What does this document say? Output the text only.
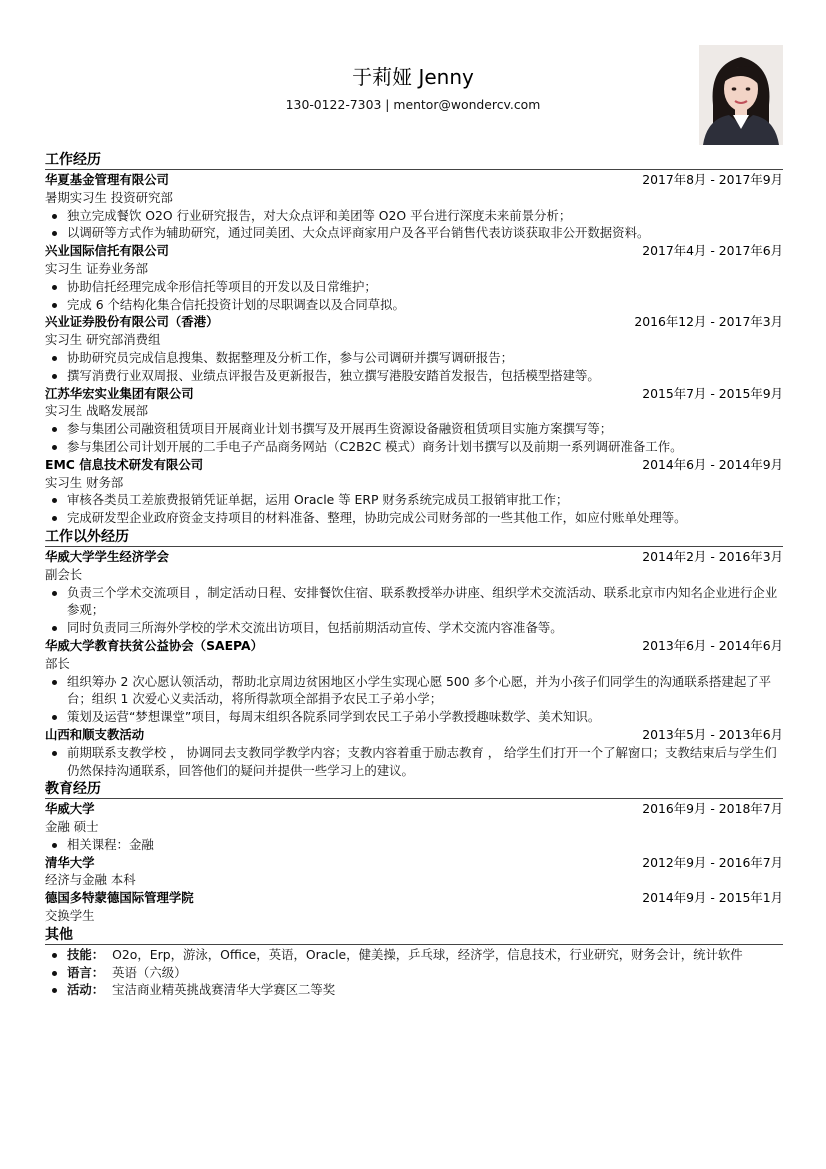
于莉娅 Jenny
130-0122-7303 | mentor@wondercv.com
工作经历
华夏基金管理有限公司	2017年8月 - 2017年9月
暑期实习生 投资研究部
独立完成餐饮 O2O 行业研究报告，对大众点评和美团等 O2O 平台进行深度未来前景分析；
以调研等方式作为辅助研究，通过同美团、大众点评商家用户及各平台销售代表访谈获取非公开数据资料。
兴业国际信托有限公司	2017年4月 - 2017年6月
实习生 证券业务部
协助信托经理完成伞形信托等项目的开发以及日常维护；
完成 6 个结构化集合信托投资计划的尽职调查以及合同草拟。
兴业证券股份有限公司（香港）	2016年12月 - 2017年3月
实习生 研究部消费组
协助研究员完成信息搜集、数据整理及分析工作，参与公司调研并撰写调研报告；
撰写消费行业双周报、业绩点评报告及更新报告，独立撰写港股安踏首发报告，包括模型搭建等。
江苏华宏实业集团有限公司	2015年7月 - 2015年9月
实习生 战略发展部
参与集团公司融资租赁项目开展商业计划书撰写及开展再生资源设备融资租赁项目实施方案撰写等；
参与集团公司计划开展的二手电子产品商务网站（C2B2C 模式）商务计划书撰写以及前期一系列调研准备工作。
EMC 信息技术研发有限公司	2014年6月 - 2014年9月
实习生 财务部
审核各类员工差旅费报销凭证单据，运用 Oracle 等 ERP 财务系统完成员工报销审批工作；
完成研发型企业政府资金支持项目的材料准备、整理，协助完成公司财务部的一些其他工作，如应付账单处理等。
工作以外经历
华威大学学生经济学会	2014年2月 - 2016年3月
副会长
负责三个学术交流项目 ，制定活动日程、安排餐饮住宿、联系教授举办讲座、组织学术交流活动、联系北京市内知名企业进行企业参观；
同时负责同三所海外学校的学术交流出访项目，包括前期活动宣传、学术交流内容准备等。
华威大学教育扶贫公益协会（SAEPA）	2013年6月 - 2014年6月
部长
组织筹办 2 次心愿认领活动，帮助北京周边贫困地区小学生实现心愿 500 多个心愿，并为小孩子们同学生的沟通联系搭建起了平台；组织 1 次爱心义卖活动，将所得款项全部捐予农民工子弟小学；
策划及运营“梦想课堂”项目，每周末组织各院系同学到农民工子弟小学教授趣味数学、美术知识。
山西和顺支教活动	2013年5月 - 2013年6月
前期联系支教学校 ， 协调同去支教同学教学内容；支教内容着重于励志教育 ， 给学生们打开一个了解窗口；支教结束后与学生们仍然保持沟通联系，回答他们的疑问并提供一些学习上的建议。
教育经历
华威大学	2016年9月 - 2018年7月
金融 硕士
相关课程：金融
清华大学	2012年9月 - 2016年7月
经济与金融 本科
德国多特蒙德国际管理学院	2014年9月 - 2015年1月
交换学生
其他
技能： O2o，Erp，游泳，Office，英语，Oracle，健美操，乒乓球，经济学，信息技术，行业研究，财务会计，统计软件
语言： 英语（六级）
活动： 宝洁商业精英挑战赛清华大学赛区二等奖
